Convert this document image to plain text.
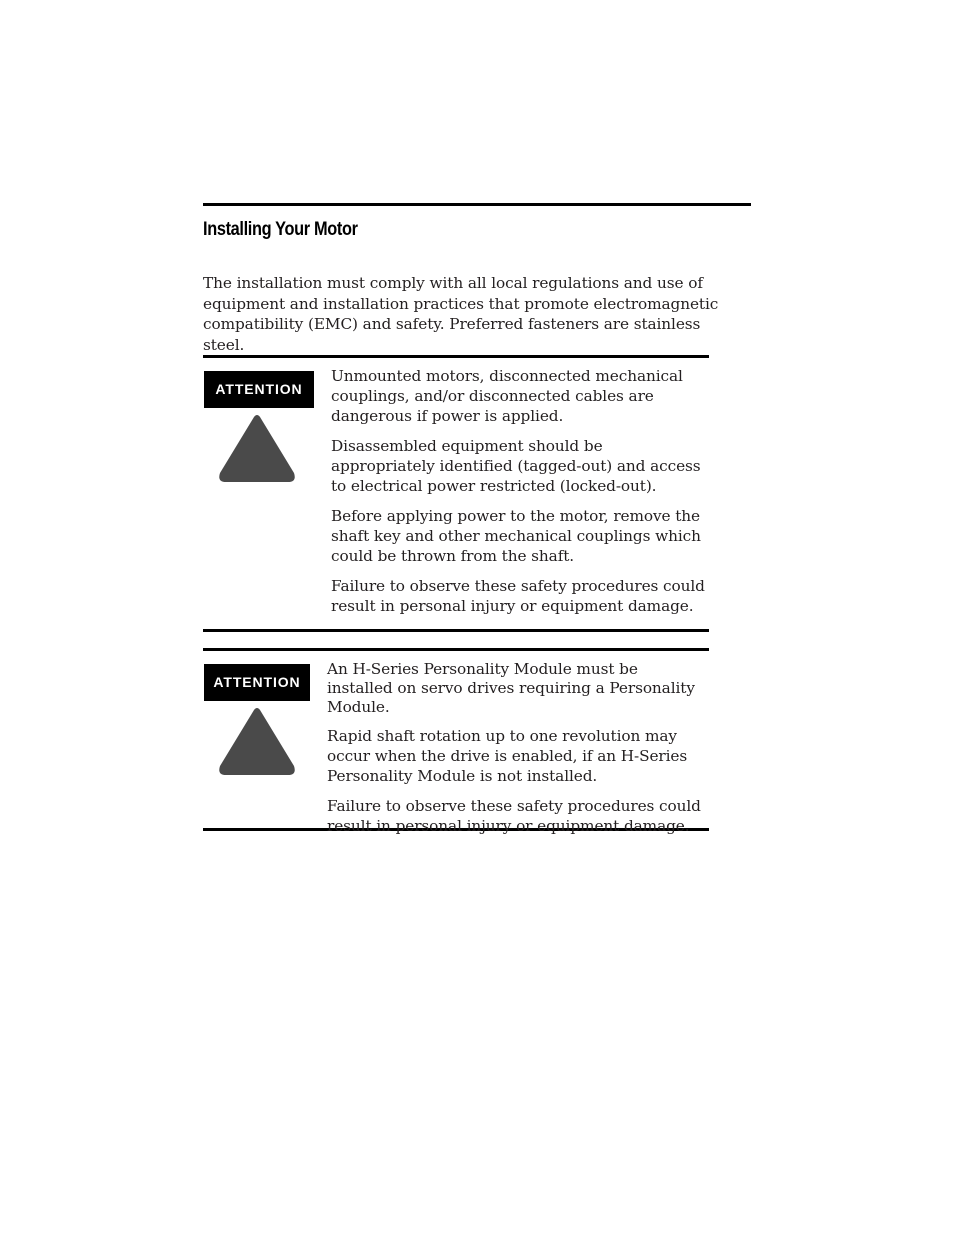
Installing Your Motor

The installation must comply with all local regulations and use of equipment and installation practices that promote electromagnetic compatibility (EMC) and safety. Preferred fasteners are stainless steel.

ATTENTION

Unmounted motors, disconnected mechanical couplings, and/or disconnected cables are dangerous if power is applied.

Disassembled equipment should be appropriately identified (tagged-out) and access to electrical power restricted (locked-out).

Before applying power to the motor, remove the shaft key and other mechanical couplings which could be thrown from the shaft.

Failure to observe these safety procedures could result in personal injury or equipment damage.

ATTENTION

An H-Series Personality Module must be installed on servo drives requiring a Personality Module.

Rapid shaft rotation up to one revolution may occur when the drive is enabled, if an H-Series Personality Module is not installed.

Failure to observe these safety procedures could result in personal injury or equipment damage.
